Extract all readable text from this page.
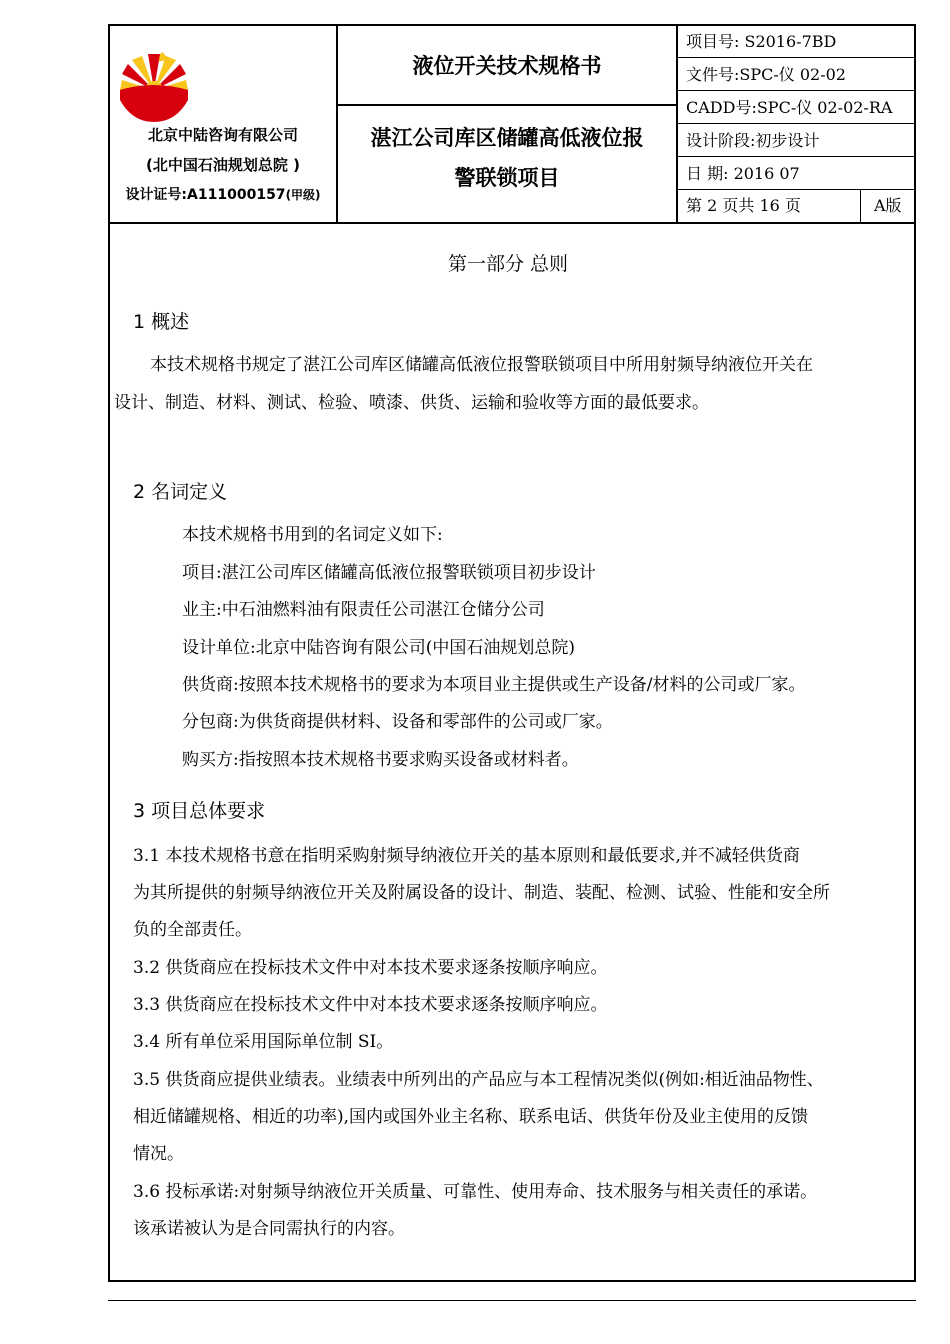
北京中陆咨询有限公司
(北中国石油规划总院 )
设计证号:A111000157(甲级)
液位开关技术规格书
湛江公司库区储罐高低液位报
警联锁项目
项目号: S2016-7BD
文件号:SPC-仪 02-02
CADD号:SPC-仪 02-02-RA
设计阶段:初步设计
日 期: 2016 07
第 2 页共 16 页	A版
第一部分 总则
1 概述
本技术规格书规定了湛江公司库区储罐高低液位报警联锁项目中所用射频导纳液位开关在
设计、制造、材料、测试、检验、喷漆、供货、运输和验收等方面的最低要求。
2 名词定义
本技术规格书用到的名词定义如下:
项目:湛江公司库区储罐高低液位报警联锁项目初步设计
业主:中石油燃料油有限责任公司湛江仓储分公司
设计单位:北京中陆咨询有限公司(中国石油规划总院)
供货商:按照本技术规格书的要求为本项目业主提供或生产设备/材料的公司或厂家。
分包商:为供货商提供材料、设备和零部件的公司或厂家。
购买方:指按照本技术规格书要求购买设备或材料者。
3 项目总体要求
3.1 本技术规格书意在指明采购射频导纳液位开关的基本原则和最低要求,并不减轻供货商
为其所提供的射频导纳液位开关及附属设备的设计、制造、装配、检测、试验、性能和安全所
负的全部责任。
3.2 供货商应在投标技术文件中对本技术要求逐条按顺序响应。
3.3 供货商应在投标技术文件中对本技术要求逐条按顺序响应。
3.4 所有单位采用国际单位制 SI。
3.5 供货商应提供业绩表。业绩表中所列出的产品应与本工程情况类似(例如:相近油品物性、
相近储罐规格、相近的功率),国内或国外业主名称、联系电话、供货年份及业主使用的反馈
情况。
3.6 投标承诺:对射频导纳液位开关质量、可靠性、使用寿命、技术服务与相关责任的承诺。
该承诺被认为是合同需执行的内容。
